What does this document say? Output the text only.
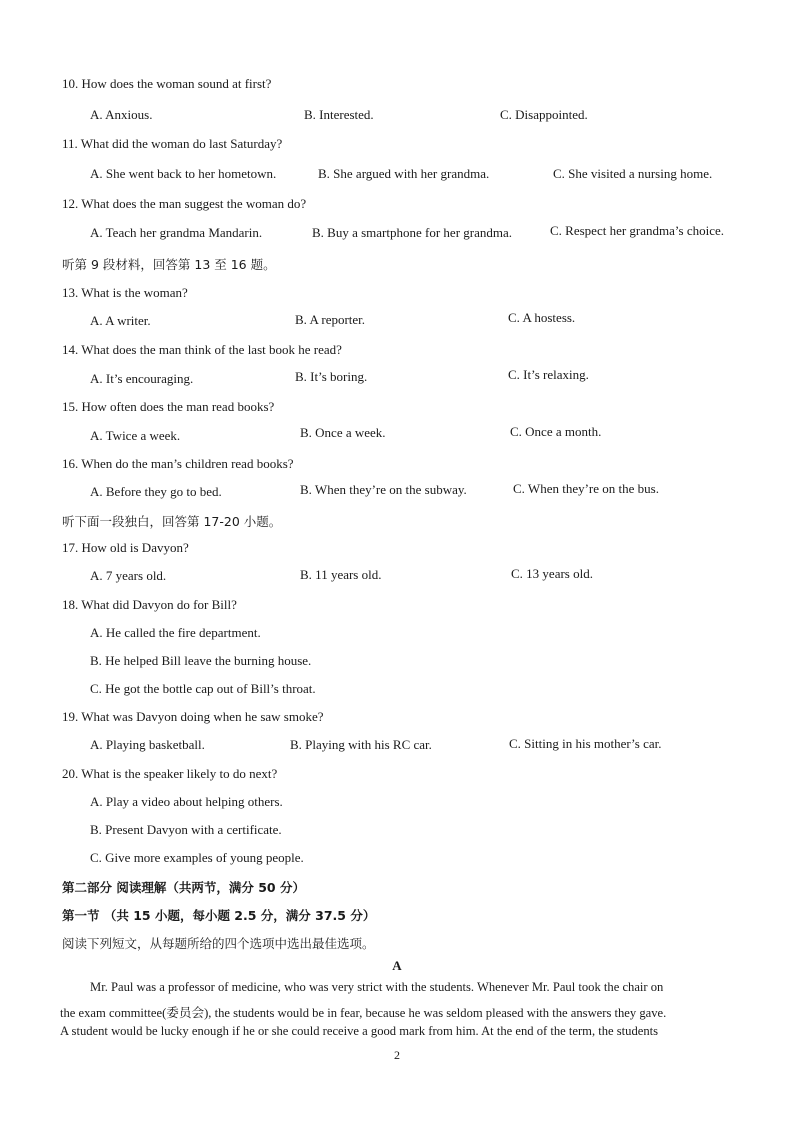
10. How does the woman sound at first?
A. Anxious.	B. Interested.	C. Disappointed.
11. What did the woman do last Saturday?
A. She went back to her hometown.	B. She argued with her grandma.	C. She visited a nursing home.
12. What does the man suggest the woman do?
A. Teach her grandma Mandarin.	B. Buy a smartphone for her grandma.	C. Respect her grandma’s choice.
听第 9 段材料，回答第 13 至 16 题。
13. What is the woman?
A. A writer.	B. A reporter.	C. A hostess.
14. What does the man think of the last book he read?
A. It’s encouraging.	B. It’s boring.	C. It’s relaxing.
15. How often does the man read books?
A. Twice a week.	B. Once a week.	C. Once a month.
16. When do the man’s children read books?
A. Before they go to bed.	B. When they’re on the subway.	C. When they’re on the bus.
听下面一段独白，回答第 17-20 小题。
17. How old is Davyon?
A. 7 years old.	B. 11 years old.	C. 13 years old.
18. What did Davyon do for Bill?
A. He called the fire department.
B. He helped Bill leave the burning house.
C. He got the bottle cap out of Bill’s throat.
19. What was Davyon doing when he saw smoke?
A. Playing basketball.	B. Playing with his RC car.	C. Sitting in his mother’s car.
20. What is the speaker likely to do next?
A. Play a video about helping others.
B. Present Davyon with a certificate.
C. Give more examples of young people.
第二部分 阅读理解（共两节，满分 50 分）
第一节 （共 15 小题，每小题 2.5 分，满分 37.5 分）
阅读下列短文，从每题所给的四个选项中选出最佳选项。
A
Mr. Paul was a professor of medicine, who was very strict with the students. Whenever Mr. Paul took the chair on
the exam committee(委员会), the students would be in fear, because he was seldom pleased with the answers they gave.
A student would be lucky enough if he or she could receive a good mark from him. At the end of the term, the students
2
